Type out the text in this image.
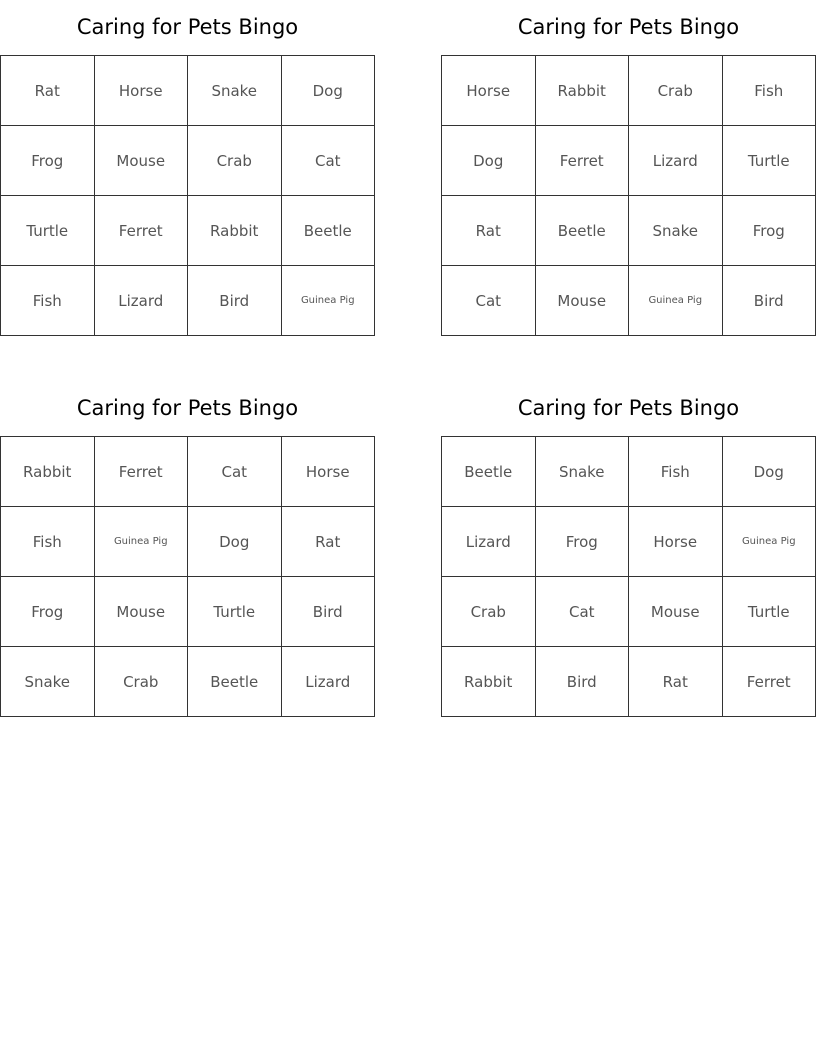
Caring for Pets Bingo
Rat	Horse	Snake	Dog
Frog	Mouse	Crab	Cat
Turtle	Ferret	Rabbit	Beetle
Fish	Lizard	Bird	Guinea Pig
Caring for Pets Bingo
Horse	Rabbit	Crab	Fish
Dog	Ferret	Lizard	Turtle
Rat	Beetle	Snake	Frog
Cat	Mouse	Guinea Pig	Bird
Caring for Pets Bingo
Rabbit	Ferret	Cat	Horse
Fish	Guinea Pig	Dog	Rat
Frog	Mouse	Turtle	Bird
Snake	Crab	Beetle	Lizard
Caring for Pets Bingo
Beetle	Snake	Fish	Dog
Lizard	Frog	Horse	Guinea Pig
Crab	Cat	Mouse	Turtle
Rabbit	Bird	Rat	Ferret
